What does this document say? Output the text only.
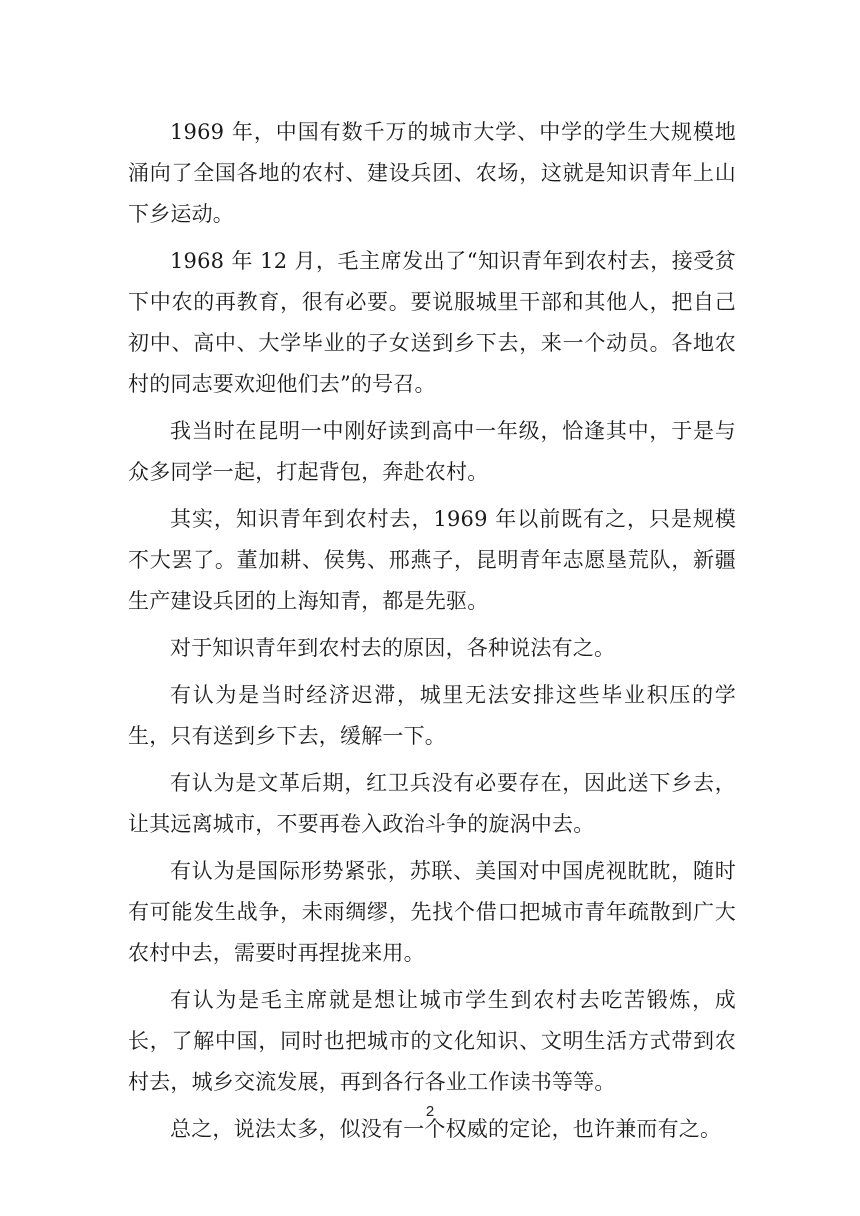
1969 年，中国有数千万的城市大学、中学的学生大规模地涌向了全国各地的农村、建设兵团、农场，这就是知识青年上山下乡运动。

1968 年 12 月，毛主席发出了“知识青年到农村去，接受贫下中农的再教育，很有必要。要说服城里干部和其他人，把自己初中、高中、大学毕业的子女送到乡下去，来一个动员。各地农村的同志要欢迎他们去”的号召。

我当时在昆明一中刚好读到高中一年级，恰逢其中，于是与众多同学一起，打起背包，奔赴农村。

其实，知识青年到农村去，1969 年以前既有之，只是规模不大罢了。董加耕、侯隽、邢燕子，昆明青年志愿垦荒队，新疆生产建设兵团的上海知青，都是先驱。

对于知识青年到农村去的原因，各种说法有之。

有认为是当时经济迟滞，城里无法安排这些毕业积压的学生，只有送到乡下去，缓解一下。

有认为是文革后期，红卫兵没有必要存在，因此送下乡去，让其远离城市，不要再卷入政治斗争的旋涡中去。

有认为是国际形势紧张，苏联、美国对中国虎视眈眈，随时有可能发生战争，未雨绸缪，先找个借口把城市青年疏散到广大农村中去，需要时再捏拢来用。

有认为是毛主席就是想让城市学生到农村去吃苦锻炼，成长，了解中国，同时也把城市的文化知识、文明生活方式带到农村去，城乡交流发展，再到各行各业工作读书等等。

总之，说法太多，似没有一个权威的定论，也许兼而有之。

2
